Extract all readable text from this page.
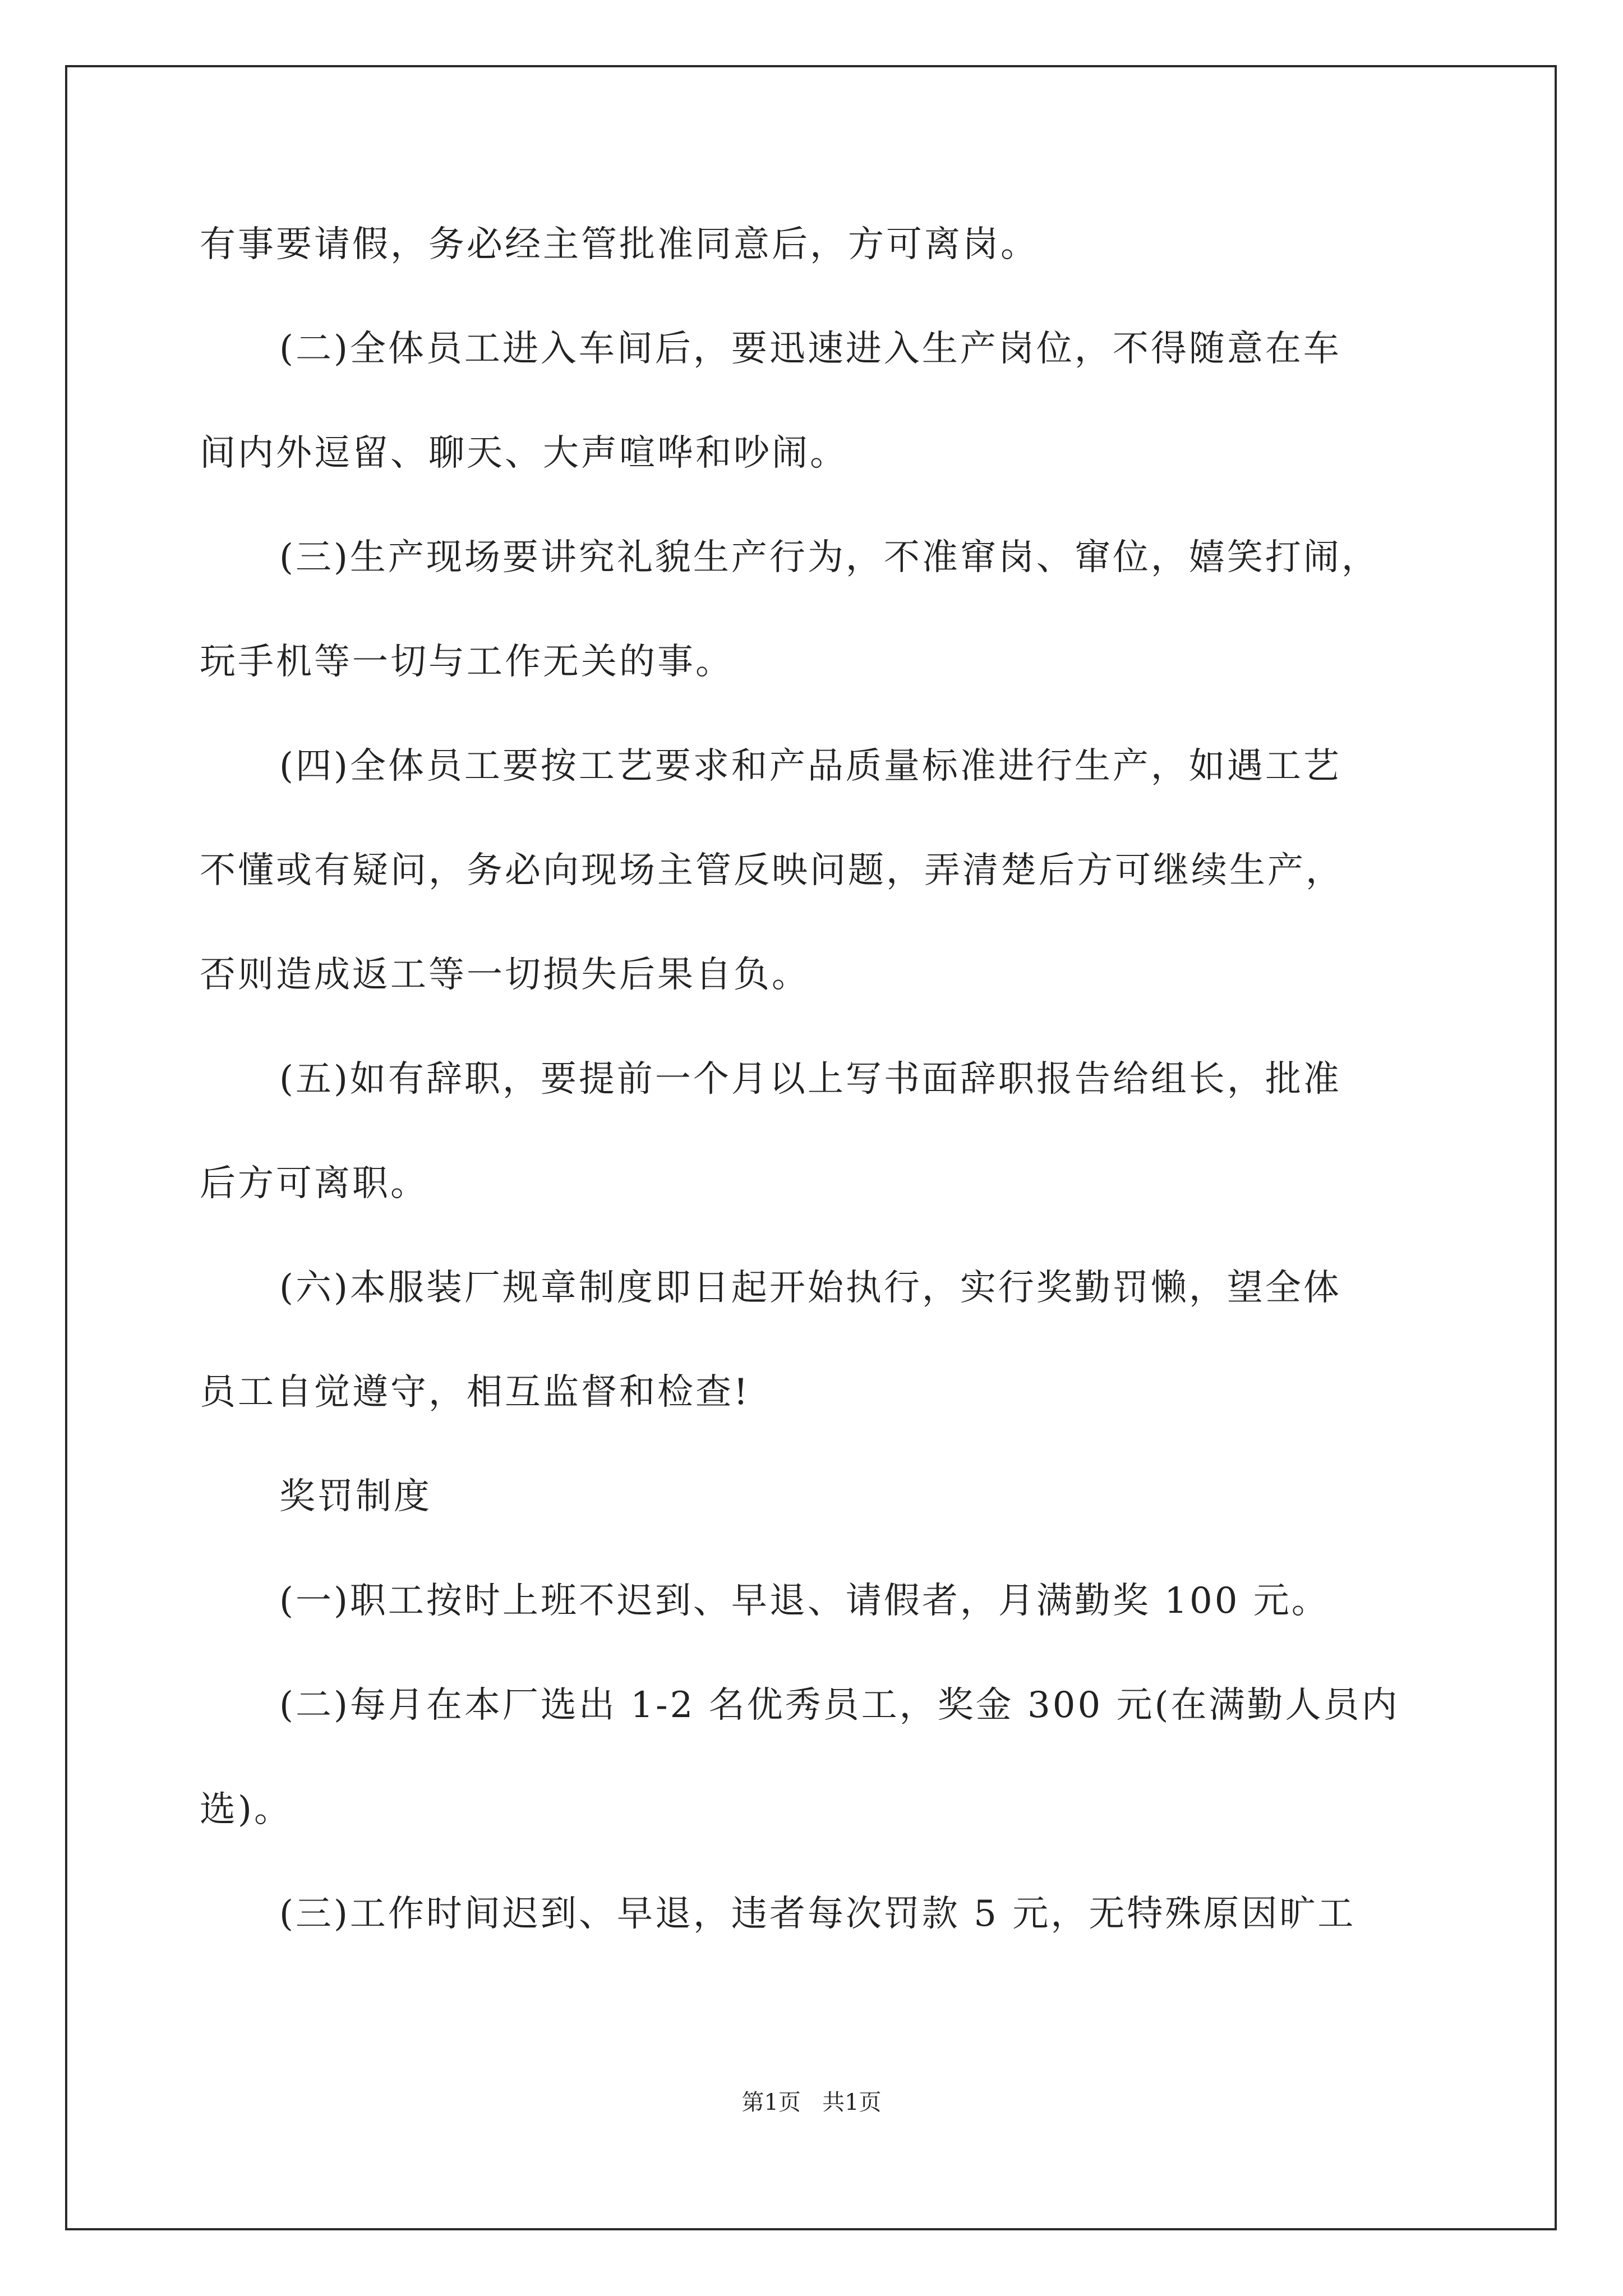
有事要请假，务必经主管批准同意后，方可离岗。
(二)全体员工进入车间后，要迅速进入生产岗位，不得随意在车
间内外逗留、聊天、大声喧哗和吵闹。
(三)生产现场要讲究礼貌生产行为，不准窜岗、窜位，嬉笑打闹，
玩手机等一切与工作无关的事。
(四)全体员工要按工艺要求和产品质量标准进行生产，如遇工艺
不懂或有疑问，务必向现场主管反映问题，弄清楚后方可继续生产，
否则造成返工等一切损失后果自负。
(五)如有辞职，要提前一个月以上写书面辞职报告给组长，批准
后方可离职。
(六)本服装厂规章制度即日起开始执行，实行奖勤罚懒，望全体
员工自觉遵守，相互监督和检查!
奖罚制度
(一)职工按时上班不迟到、早退、请假者，月满勤奖 100 元。
(二)每月在本厂选出 1-2 名优秀员工，奖金 300 元(在满勤人员内
选)。
(三)工作时间迟到、早退，违者每次罚款 5 元，无特殊原因旷工
第1页 共1页
